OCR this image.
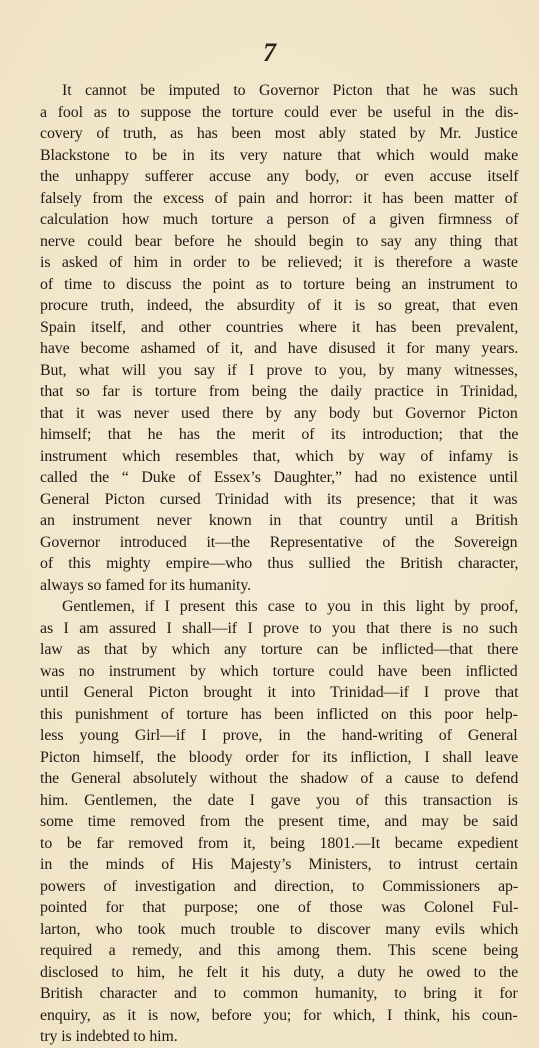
7
It cannot be imputed to Governor Picton that he was such
a fool as to suppose the torture could ever be useful in the dis-
covery of truth, as has been most ably stated by Mr. Justice
Blackstone to be in its very nature that which would make
the unhappy sufferer accuse any body, or even accuse itself
falsely from the excess of pain and horror: it has been matter of
calculation how much torture a person of a given firmness of
nerve could bear before he should begin to say any thing that
is asked of him in order to be relieved; it is therefore a waste
of time to discuss the point as to torture being an instrument to
procure truth, indeed, the absurdity of it is so great, that even
Spain itself, and other countries where it has been prevalent,
have become ashamed of it, and have disused it for many years.
But, what will you say if I prove to you, by many witnesses,
that so far is torture from being the daily practice in Trinidad,
that it was never used there by any body but Governor Picton
himself; that he has the merit of its introduction; that the
instrument which resembles that, which by way of infamy is
called the “ Duke of Essex’s Daughter,” had no existence until
General Picton cursed Trinidad with its presence; that it was
an instrument never known in that country until a British
Governor introduced it—the Representative of the Sovereign
of this mighty empire—who thus sullied the British character,
always so famed for its humanity.
Gentlemen, if I present this case to you in this light by proof,
as I am assured I shall—if I prove to you that there is no such
law as that by which any torture can be inflicted—that there
was no instrument by which torture could have been inflicted
until General Picton brought it into Trinidad—if I prove that
this punishment of torture has been inflicted on this poor help-
less young Girl—if I prove, in the hand-writing of General
Picton himself, the bloody order for its infliction, I shall leave
the General absolutely without the shadow of a cause to defend
him. Gentlemen, the date I gave you of this transaction is
some time removed from the present time, and may be said
to be far removed from it, being 1801.—It became expedient
in the minds of His Majesty’s Ministers, to intrust certain
powers of investigation and direction, to Commissioners ap-
pointed for that purpose; one of those was Colonel Ful-
larton, who took much trouble to discover many evils which
required a remedy, and this among them. This scene being
disclosed to him, he felt it his duty, a duty he owed to the
British character and to common humanity, to bring it for
enquiry, as it is now, before you; for which, I think, his coun-
try is indebted to him.
